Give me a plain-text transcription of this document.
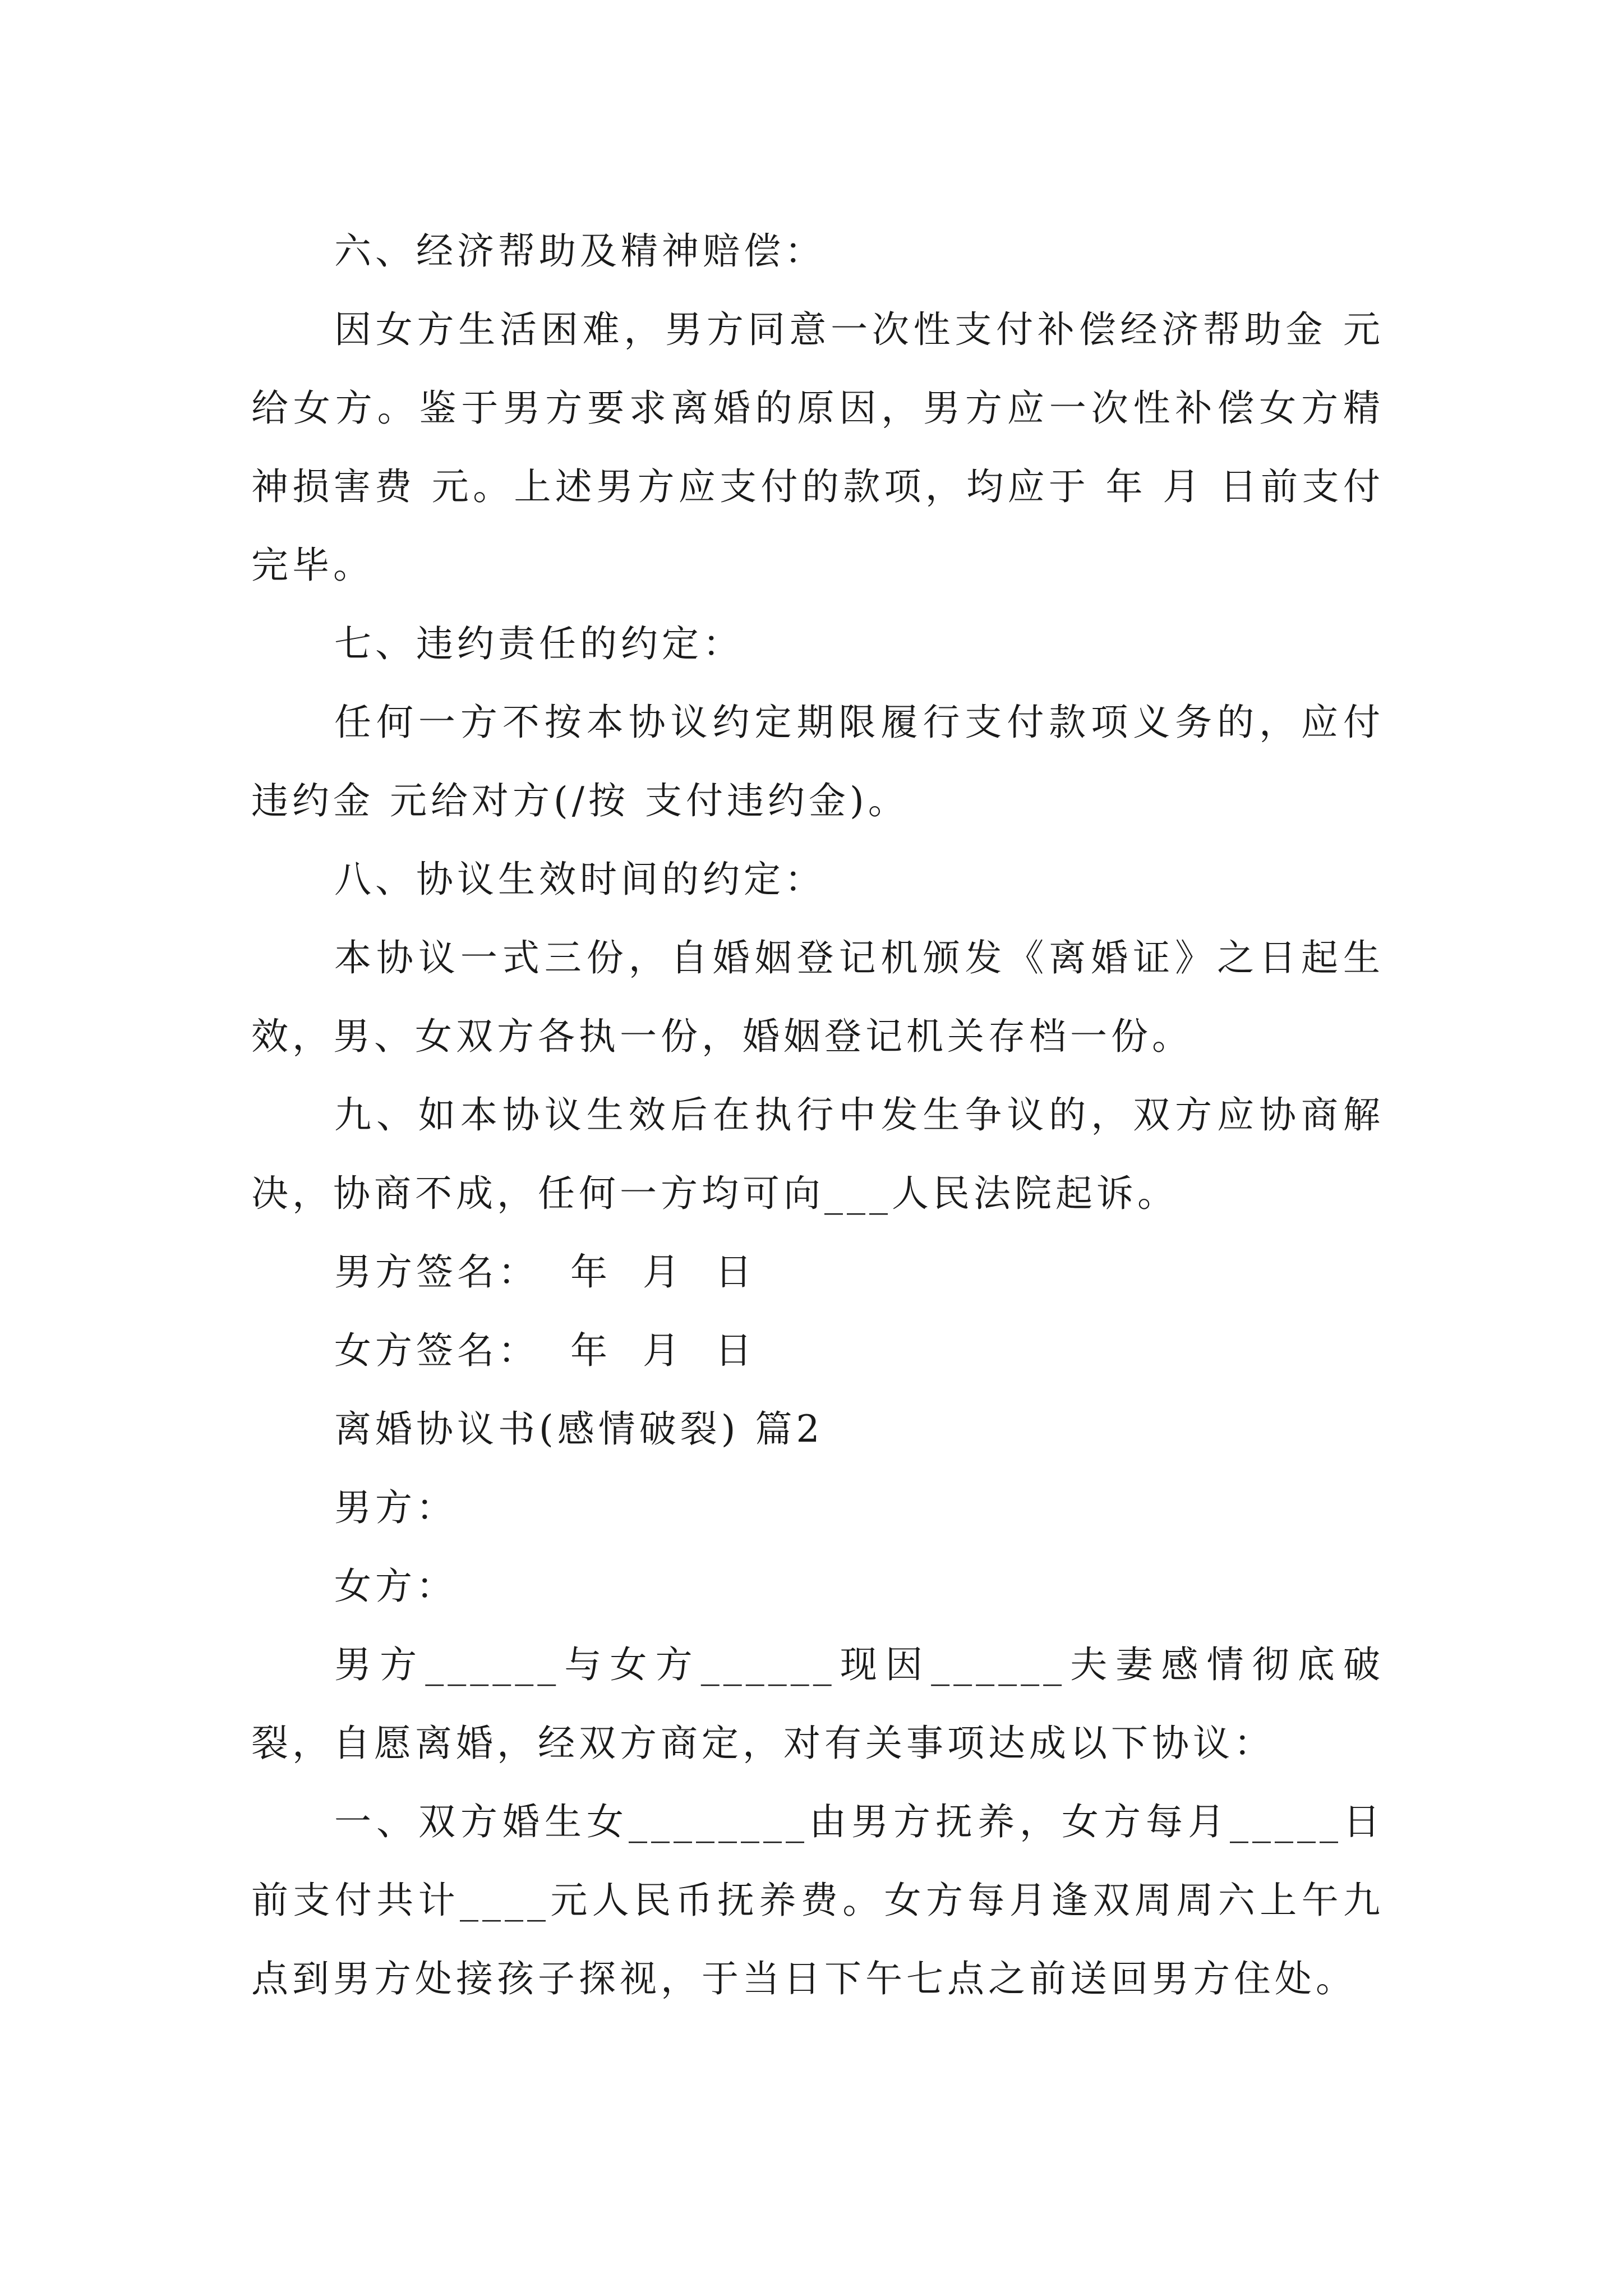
六、经济帮助及精神赔偿：

因女方生活困难，男方同意一次性支付补偿经济帮助金 元给女方。鉴于男方要求离婚的原因，男方应一次性补偿女方精神损害费 元。上述男方应支付的款项，均应于 年 月 日前支付完毕。

七、违约责任的约定：

任何一方不按本协议约定期限履行支付款项义务的，应付违约金 元给对方(/按 支付违约金)。

八、协议生效时间的约定：

本协议一式三份，自婚姻登记机颁发《离婚证》之日起生效，男、女双方各执一份，婚姻登记机关存档一份。

九、如本协议生效后在执行中发生争议的，双方应协商解决，协商不成，任何一方均可向___人民法院起诉。

男方签名：  年  月  日

女方签名：  年  月  日

离婚协议书(感情破裂) 篇2

男方：

女方：

男方______与女方______现因______夫妻感情彻底破裂，自愿离婚，经双方商定，对有关事项达成以下协议：

一、双方婚生女________由男方抚养，女方每月_____日前支付共计____元人民币抚养费。女方每月逢双周周六上午九点到男方处接孩子探视，于当日下午七点之前送回男方住处。
